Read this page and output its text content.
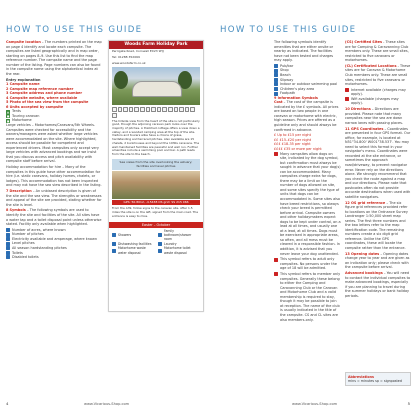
HOW TO USE THIS GUIDE
Campsite location – The numbers printed on the map on page 4 identify and locate each campsite. The campsites are listed geographically and in map order, starting on pages 8–9. Use this list to find the map reference number. The campsite name and the page number of the listing. Page numbers can also be found in the campsite name using the alphabetical index at the rear.
Entry explanation
1 Campsite name
2 Campsite map reference number
3 Campsite address and phone number
4 Campsite website, where available
5 Photo of the sea view from the campsite
6 Units accepted by campsite
▲ Tents
■ Touring caravan
■ Motorhome
Large vehicles – Motorhomes/Caravans/5th Wheels. Campsites were checked for accessibility and the owners/managers were asked whether large vehicles were accommodated on the site. Where highlighted, access should be possible for competent and experienced drivers. Most campsites only accept very large vehicles with advanced bookings and we insist that you discuss access and pitch availability with campsite staff before arrival.
Holiday accommodation for hire – Many of the campsites in this guide have other accommodation for hire (i.e. static caravans, holiday homes, chalets, or lodges). This accommodation has not been inspected and may not have the sea view described in the listing.
7 Description – An unbiased description is given of the site and the sea view. The strengths or weaknesses and appeal of the site are provided, stating whether for the site is level.
8 Symbols – The following symbols are used to identify the site and facilities of the site. All sites have a water tap and a toilet disposal point unless otherwise stated. Facility only available when highlighted.
Number of acres, where known
Number of pitches
Electricity available and amperage, where known
Level pitches
All season hardstanding pitches
Toilets
Disabled toilets
Woods Farm Holiday Park
Perrigate Road, Cornwall EX23 9HJ
Tel: 01288 352069
www.woodsfarm.co.uk
The hillside view from the heart of the site is not particularly good, though the adjoining caravan park looks over the majority of pitches. A thatched cottage offers a view down a valley, and a wooded camping area at the top of the site. Visitors and tourers alike have a choice of grass, hardstanding and terraced pitches. Also available are 15 chalets, 2 bunkhouses and beyond the 1930s caravans. The well maintained facilities are peaceful and well run. Further amenities include a swimming pool and bar. A path leads from the site to the beach.
Sea views from the site overlooking the estuary; facilities and level pitches
GPS: 50.8012, -4.5438 OS grid: SS 215 066
From the A39, follow signs to the caravan site. After 1.5 miles the site is on the left, signed from the main road. The entrance is easy to miss.
Easter – October
Showers
Family bathroom/shower room
Dishwashing facilities	Laundry
Motorhome waste water disposal
Motorhome toilet waste disposal
4	www.Vicarious-Shop.com
HOW TO USE THIS GUIDE
The following symbols identify amenities that are either onsite or nearby as indicated. The facilities have not been tested and charges may apply.
Pub/bar
Shop
Beach
Slipway
Indoor or outdoor swimming pool
Children's play area
Footpath
9 Information Symbols
Cost – The cost of the campsite is indicated by the £ symbols. All prices are based on two people in one caravan or motorhome with electric, high season. Prices are offered as a guideline only and should always be confirmed in advance.
£ Up to £15 per night
££ £15–£20 per night
£££ £18-35 per night
££££ £35 or more per night
Many campsites allow dogs on site, indicated by the dog symbol, but confirmation must always be sought in advance that your dog(s) can be accommodated. Many campsites charge extra for dogs, there may be a limit on the number of dogs allowed on site, and some sites specify the type of units that dogs can be accommodated in. Some sites also have breed restrictions, so always check your breed is permitted before arrival. Campsite owners and other holidaymakers expect dogs to be kept under control, on a lead at all times, and usually one at a lead, at all times. Dogs must be exercised in appropriate areas, so often, and all mess must be cleared in a responsible fashion. In addition, it is advised that you never leave your dog unattended.
This symbol refers to adult only campsites. No persons under the age of 18 will be admitted.
This symbol refers to member only campsites. Generally these belong to either the Camping and Caravanning Club or the Caravan and Motorhome Club and a valid membership is required to stay, though it may be possible to join at reception. The name of the club is usually indicated in the title of the campsite. CS and CL sites are also members-only.
(CS) Certified Sites - These sites are for Camping & Caravanning Club members only. These are small sites, restricted to five caravans or motorhomes.
(CL) Certificated Locations - These sites are for Caravan & Motorhome Club members only. These are small sites, restricted to five caravans or motorhomes.
Internet available (charges may apply).
Wifi available (charges may apply).
10 Directions – Directions are provided. Please note that many campsites near the sea are down narrow lanes with passing places.
11 GPS Coordinates – Coordinates are presented in four GPS format. Our office, for example, is located at N51°34.800' W001°38.537'. You may need to select this format in your navigator's menu. Coordinates were recorded at the site entrance, or sometimes the approach road/driveway, to prevent navigator error. Never rely on the directions alone. We strongly recommend that you check the route against a map and our directions. Please note that postcodes often do not provide accurate destinations when used with satellite navigators.
12 OS grid reference – The six figure grid references provided refer to locations on the Ordnance Survey Landranger 1:50,000 sheet map series. The first three numbers and the two letters refer to the map identification code. The remaining numbers create a six digit grid reference. Unlike the GPS coordinates, these will locate the campsite rather than the entrance.
13 Opening dates – Opening dates change year to year and are given as an indication only; please check with the campsite before arrival.
Advanced bookings – You will need to contact the individual campsites to make advanced bookings, especially if you are planning to travel during the summer holidays or bank holiday periods.
Abbreviations
mins = minutes sp = signposted
www.Vicarious-Shop.com	5
